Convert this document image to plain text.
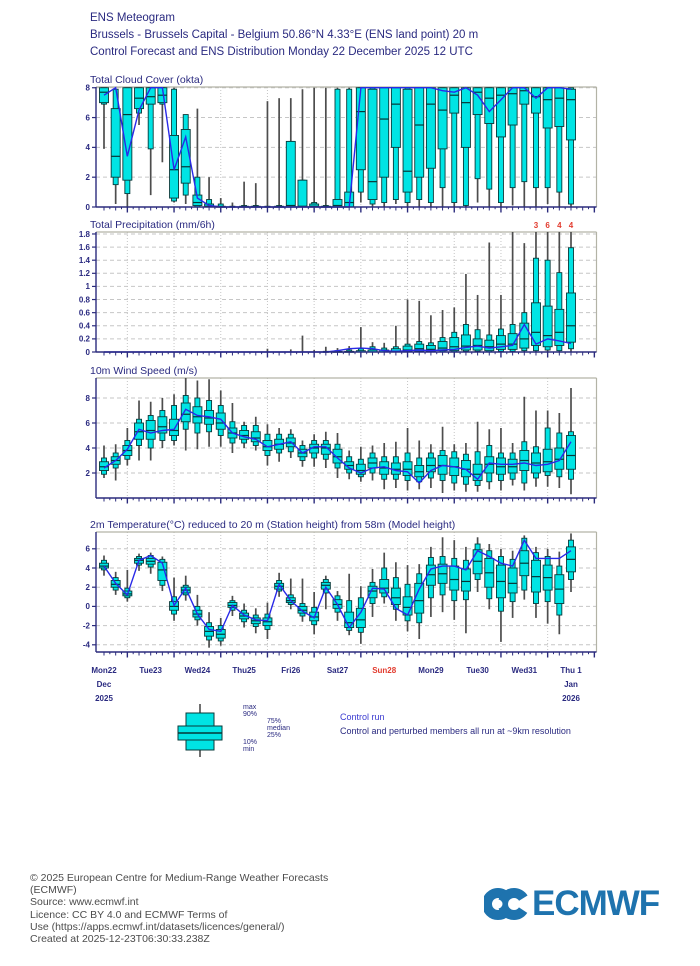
ENS Meteogram
Brussels - Brussels Capital - Belgium 50.86°N 4.33°E (ENS land point) 20 m
Control Forecast and ENS Distribution Monday 22 December 2025 12 UTC
0
2
4
6
8
Total Cloud Cover (okta)
0
0.2
0.4
0.6
0.8
1
1.2
1.4
1.6
1.8
Total Precipitation (mm/6h)	3 6 4 4
2
4
6
8
10m Wind Speed (m/s)
-4
-2
0
2
4
6
2m Temperature(°C) reduced to 20 m (Station height) from 58m (Model height)
Mon22
Dec
2025
Tue23	Wed24	Thu25	Fri26	Sat27	Sun28	Mon29	Tue30	Wed31	Thu 1
Jan
2026
max
90%
75%
median
25%
10%
min
Control run
Control and perturbed members all run at ~9km resolution
© 2025 European Centre for Medium-Range Weather Forecasts
(ECMWF)
Source: www.ecmwf.int
Licence: CC BY 4.0 and ECMWF Terms of
Use (https://apps.ecmwf.int/datasets/licences/general/)
Created at 2025-12-23T06:30:33.238Z
ECMWF
